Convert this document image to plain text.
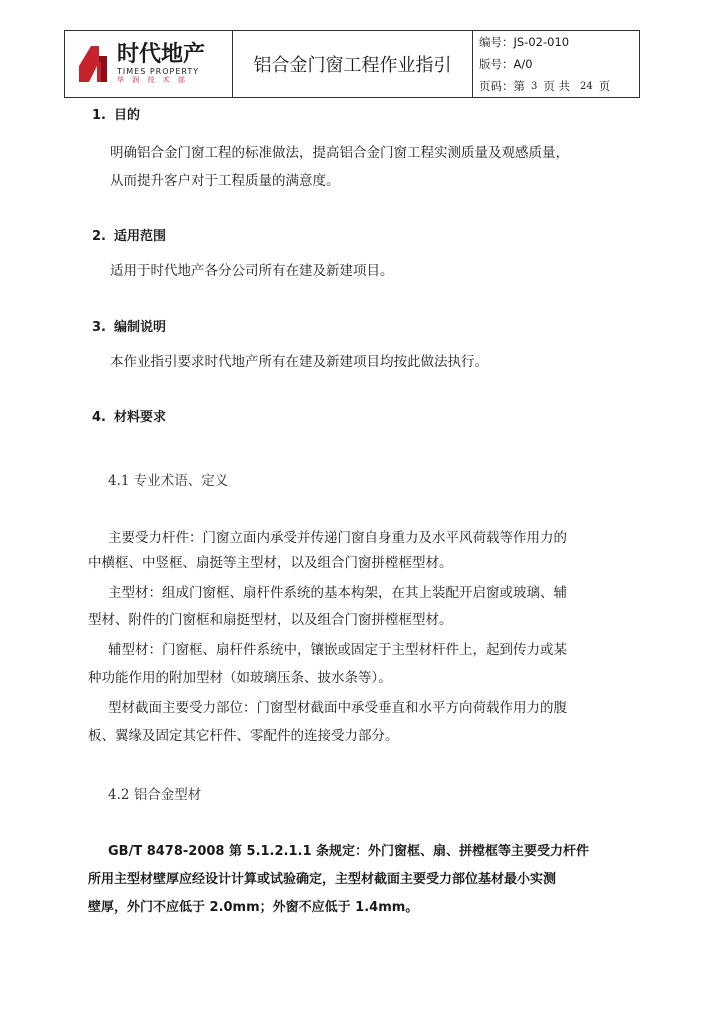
时代地产
TIMES PROPERTY
华 润 技 术 部
铝合金门窗工程作业指引
编号：JS-02-010
版号：A/0
页码：第 3 页 共 24 页
1. 目的
明确铝合金门窗工程的标准做法，提高铝合金门窗工程实测质量及观感质量，
从而提升客户对于工程质量的满意度。
2. 适用范围
适用于时代地产各分公司所有在建及新建项目。
3. 编制说明
本作业指引要求时代地产所有在建及新建项目均按此做法执行。
4. 材料要求
4.1 专业术语、定义
主要受力杆件：门窗立面内承受并传递门窗自身重力及水平风荷载等作用力的
中横框、中竖框、扇挺等主型材，以及组合门窗拼樘框型材。
主型材：组成门窗框、扇杆件系统的基本构架，在其上装配开启窗或玻璃、辅
型材、附件的门窗框和扇挺型材，以及组合门窗拼樘框型材。
辅型材：门窗框、扇杆件系统中，镶嵌或固定于主型材杆件上，起到传力或某
种功能作用的附加型材（如玻璃压条、披水条等）。
型材截面主要受力部位：门窗型材截面中承受垂直和水平方向荷载作用力的腹
板、翼缘及固定其它杆件、零配件的连接受力部分。
4.2 铝合金型材
GB/T 8478-2008 第 5.1.2.1.1 条规定：外门窗框、扇、拼樘框等主要受力杆件
所用主型材壁厚应经设计计算或试验确定，主型材截面主要受力部位基材最小实测
壁厚，外门不应低于 2.0mm；外窗不应低于 1.4mm。
